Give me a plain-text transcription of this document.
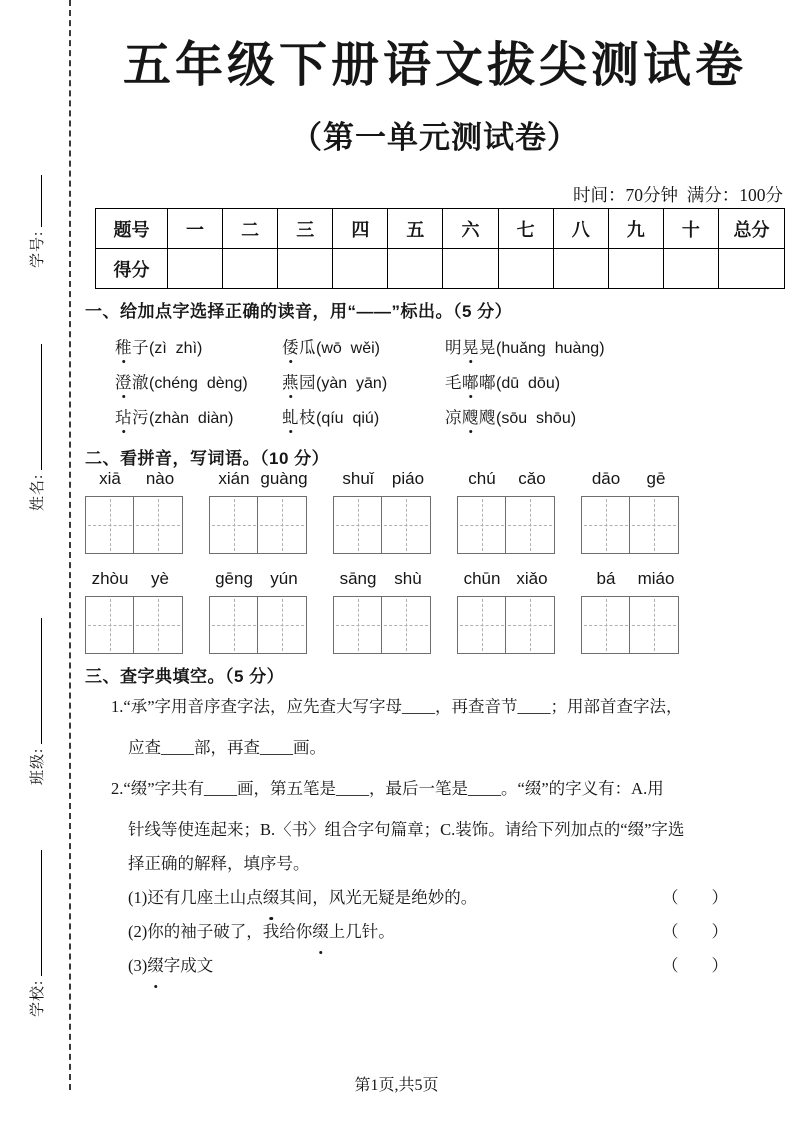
学号:
姓名:
班级:
学校:
五年级下册语文拔尖测试卷
（第一单元测试卷）
时间：70分钟  满分：100分
题号	一	二	三	四	五	六	七	八	九	十	总分
得分											
一、给加点字选择正确的读音，用“——”标出。（5 分）
稚子(zì  zhì)	倭瓜(wō  wěi)	明晃晃(huǎng  huàng)
澄澈(chéng  dèng)	燕园(yàn  yān)	毛嘟嘟(dū  dōu)
玷污(zhàn  diàn)	虬枝(qíu  qiú)	凉飕飕(sōu  shōu)
二、看拼音，写词语。（10 分）
xiā	nào	xián guàng	shuǐ	piáo	chú	cǎo	dāo	gē
zhòu	yè	gēng	yún	sāng	shù	chūn xiǎo	bá	miáo
三、查字典填空。（5 分）
1.“承”字用音序查字法，应先查大写字母____，再查音节____；用部首查字法，
应查____部，再查____画。
2.“缀”字共有____画，第五笔是____，最后一笔是____。“缀”的字义有：A.用
针线等使连起来；B.〈书〉组合字句篇章；C.装饰。请给下列加点的“缀”字选
择正确的解释，填序号。
(1)还有几座土山点 缀 其间，风光无疑是绝妙的。	（　　）
(2)你的袖子破了，我给你 缀 上几针。	（　　）
(3) 缀 字成文	（　　）
第1页,共5页
